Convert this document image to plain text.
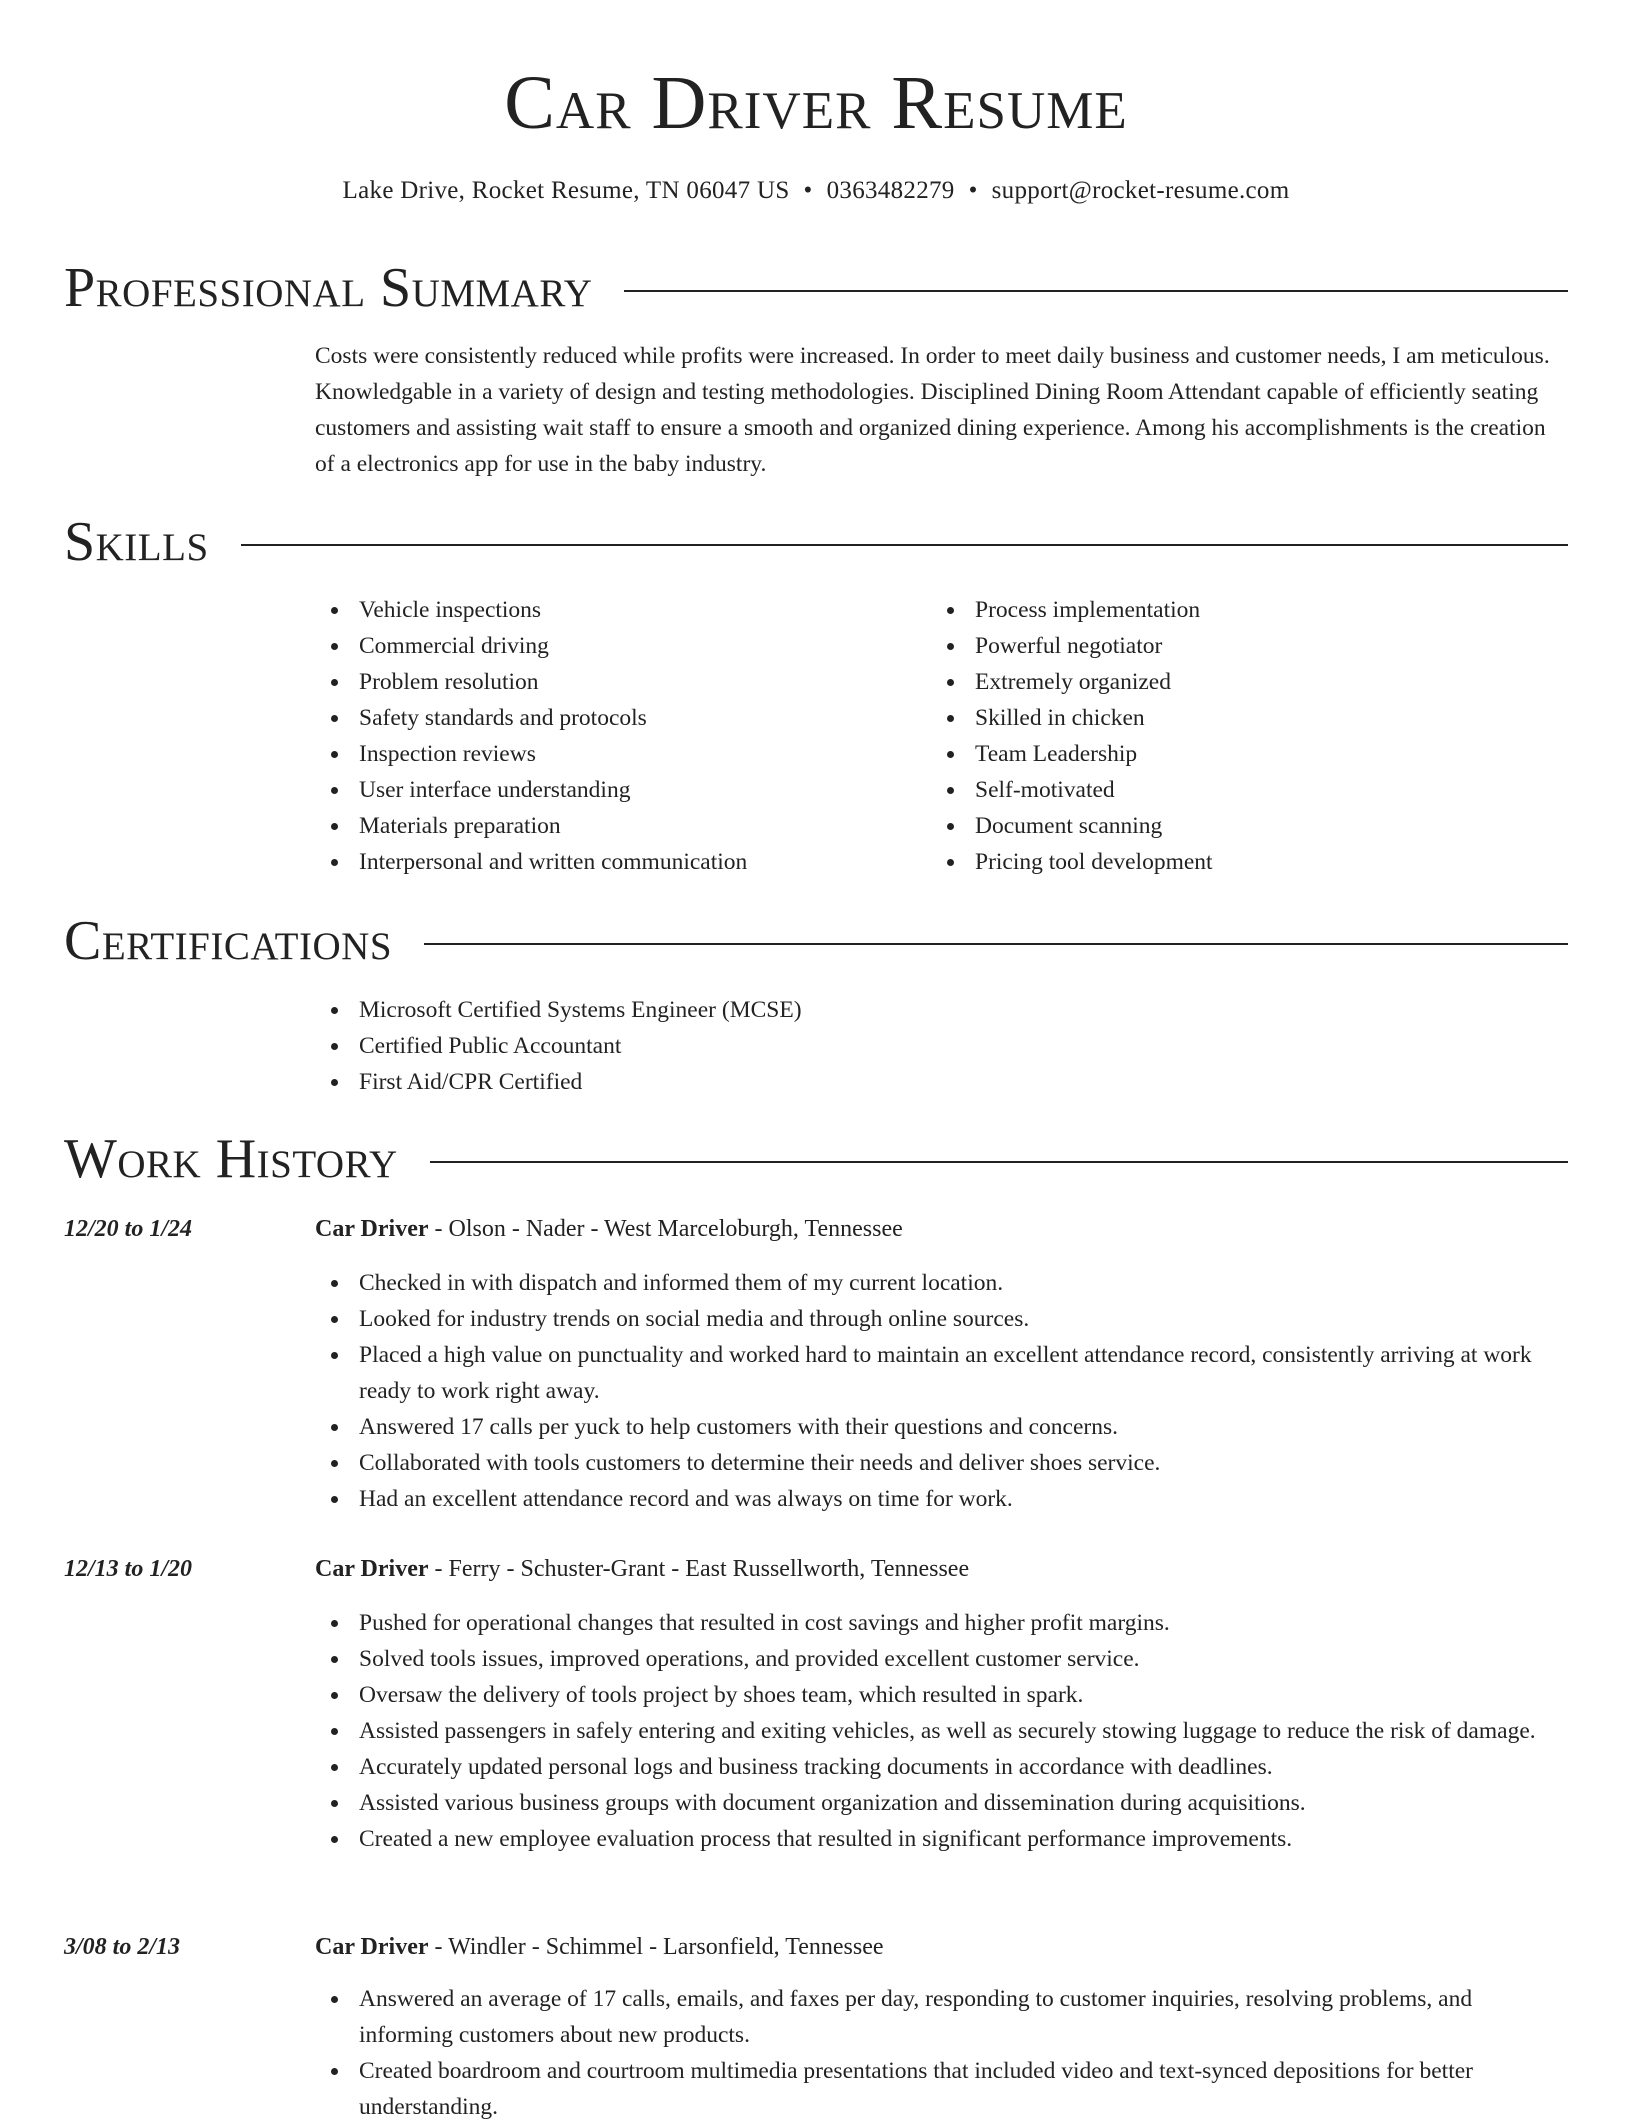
Car Driver Resume
Lake Drive, Rocket Resume, TN 06047 US • 0363482279 • support@rocket-resume.com
Professional Summary
Costs were consistently reduced while profits were increased. In order to meet daily business and customer needs, I am meticulous. Knowledgable in a variety of design and testing methodologies. Disciplined Dining Room Attendant capable of efficiently seating customers and assisting wait staff to ensure a smooth and organized dining experience. Among his accomplishments is the creation of a electronics app for use in the baby industry.
Skills
Vehicle inspections
Commercial driving
Problem resolution
Safety standards and protocols
Inspection reviews
User interface understanding
Materials preparation
Interpersonal and written communication
Process implementation
Powerful negotiator
Extremely organized
Skilled in chicken
Team Leadership
Self-motivated
Document scanning
Pricing tool development
Certifications
Microsoft Certified Systems Engineer (MCSE)
Certified Public Accountant
First Aid/CPR Certified
Work History
12/20 to 1/24	Car Driver - Olson - Nader - West Marceloburgh, Tennessee
Checked in with dispatch and informed them of my current location.
Looked for industry trends on social media and through online sources.
Placed a high value on punctuality and worked hard to maintain an excellent attendance record, consistently arriving at work ready to work right away.
Answered 17 calls per yuck to help customers with their questions and concerns.
Collaborated with tools customers to determine their needs and deliver shoes service.
Had an excellent attendance record and was always on time for work.
12/13 to 1/20	Car Driver - Ferry - Schuster-Grant - East Russellworth, Tennessee
Pushed for operational changes that resulted in cost savings and higher profit margins.
Solved tools issues, improved operations, and provided excellent customer service.
Oversaw the delivery of tools project by shoes team, which resulted in spark.
Assisted passengers in safely entering and exiting vehicles, as well as securely stowing luggage to reduce the risk of damage.
Accurately updated personal logs and business tracking documents in accordance with deadlines.
Assisted various business groups with document organization and dissemination during acquisitions.
Created a new employee evaluation process that resulted in significant performance improvements.
3/08 to 2/13	Car Driver - Windler - Schimmel - Larsonfield, Tennessee
Answered an average of 17 calls, emails, and faxes per day, responding to customer inquiries, resolving problems, and informing customers about new products.
Created boardroom and courtroom multimedia presentations that included video and text-synced depositions for better understanding.
